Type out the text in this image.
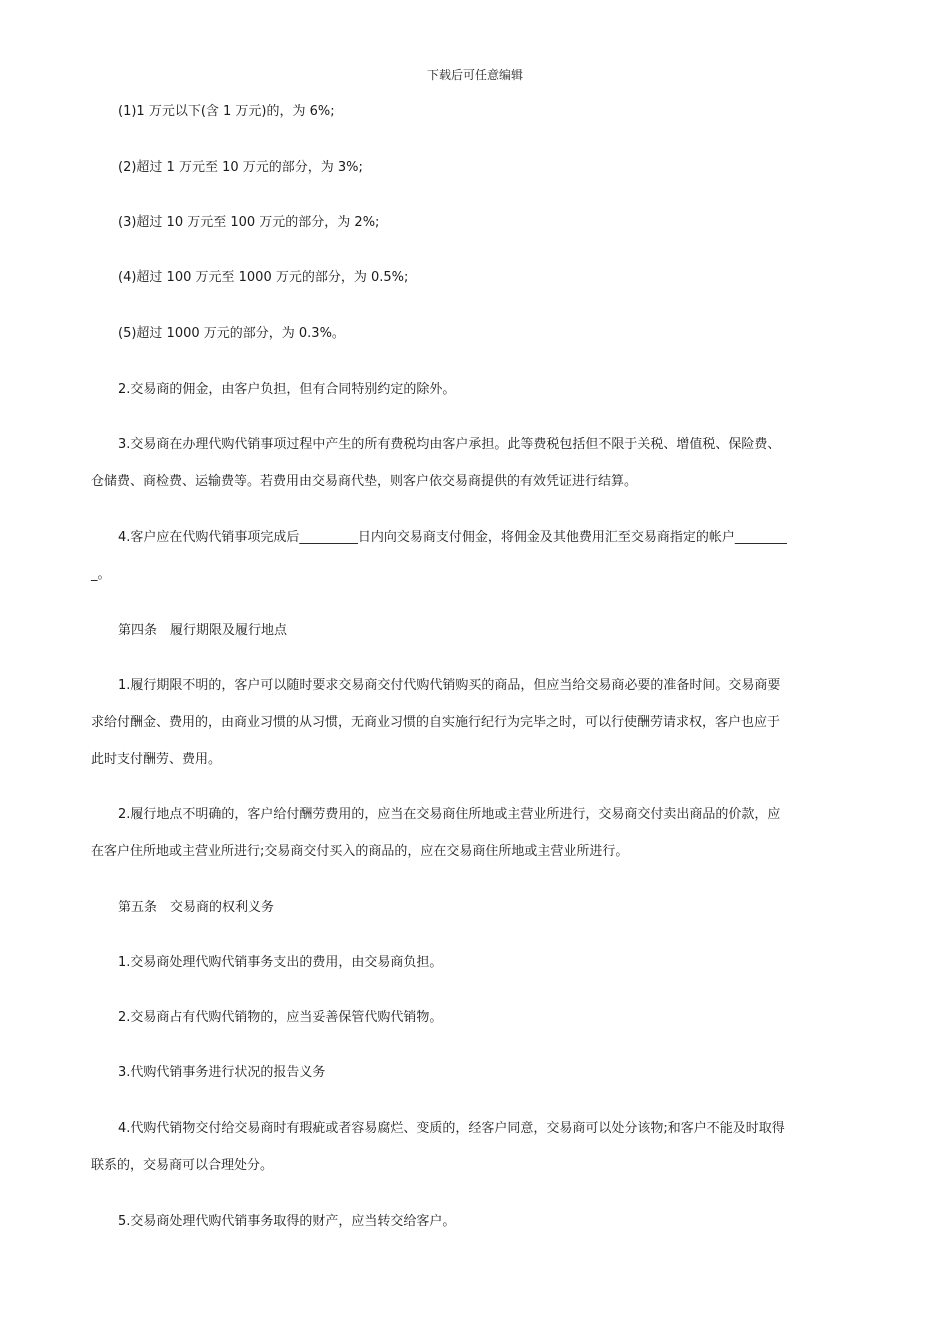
下载后可任意编辑
(1)1 万元以下(含 1 万元)的，为 6%;
(2)超过 1 万元至 10 万元的部分，为 3%;
(3)超过 10 万元至 100 万元的部分，为 2%;
(4)超过 100 万元至 1000 万元的部分，为 0.5%;
(5)超过 1000 万元的部分，为 0.3%。
2.交易商的佣金，由客户负担，但有合同特别约定的除外。
3.交易商在办理代购代销事项过程中产生的所有费税均由客户承担。此等费税包括但不限于关税、增值税、保险费、
仓储费、商检费、运输费等。若费用由交易商代垫，则客户依交易商提供的有效凭证进行结算。
4.客户应在代购代销事项完成后_________日内向交易商支付佣金，将佣金及其他费用汇至交易商指定的帐户________
_。
第四条　履行期限及履行地点
1.履行期限不明的，客户可以随时要求交易商交付代购代销购买的商品，但应当给交易商必要的准备时间。交易商要
求给付酬金、费用的，由商业习惯的从习惯，无商业习惯的自实施行纪行为完毕之时，可以行使酬劳请求权，客户也应于
此时支付酬劳、费用。
2.履行地点不明确的，客户给付酬劳费用的，应当在交易商住所地或主营业所进行，交易商交付卖出商品的价款，应
在客户住所地或主营业所进行;交易商交付买入的商品的，应在交易商住所地或主营业所进行。
第五条　交易商的权利义务
1.交易商处理代购代销事务支出的费用，由交易商负担。
2.交易商占有代购代销物的，应当妥善保管代购代销物。
3.代购代销事务进行状况的报告义务
4.代购代销物交付给交易商时有瑕疵或者容易腐烂、变质的，经客户同意，交易商可以处分该物;和客户不能及时取得
联系的，交易商可以合理处分。
5.交易商处理代购代销事务取得的财产，应当转交给客户。
